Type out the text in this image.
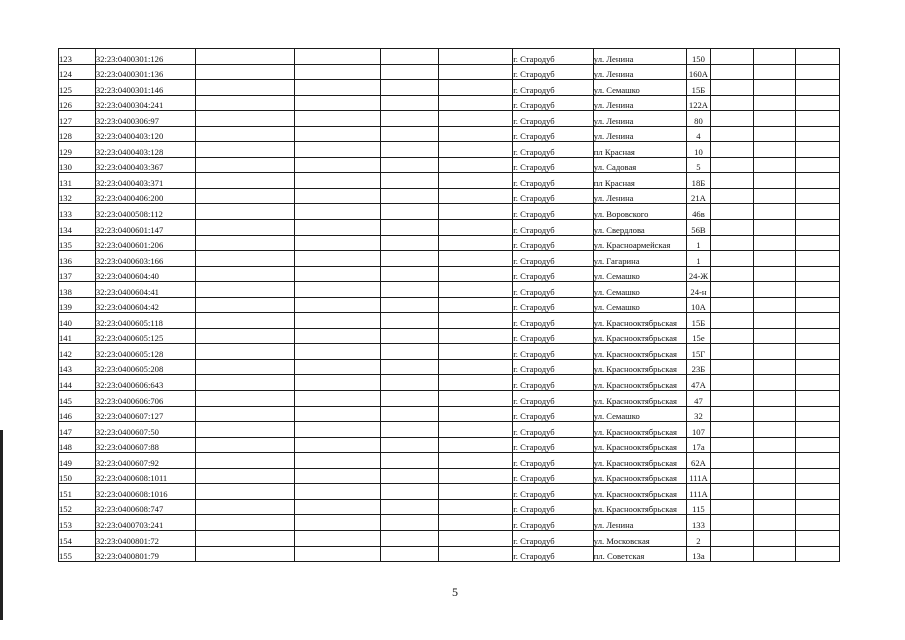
123	32:23:0400301:126					г. Стародуб	ул. Ленина	150			
124	32:23:0400301:136					г. Стародуб	ул. Ленина	160А			
125	32:23:0400301:146					г. Стародуб	ул. Семашко	15Б			
126	32:23:0400304:241					г. Стародуб	ул. Ленина	122А			
127	32:23:0400306:97					г. Стародуб	ул. Ленина	80			
128	32:23:0400403:120					г. Стародуб	ул. Ленина	4			
129	32:23:0400403:128					г. Стародуб	пл Красная	10			
130	32:23:0400403:367					г. Стародуб	ул. Садовая	5			
131	32:23:0400403:371					г. Стародуб	пл Красная	18Б			
132	32:23:0400406:200					г. Стародуб	ул. Ленина	21А			
133	32:23:0400508:112					г. Стародуб	ул. Воровского	46в			
134	32:23:0400601:147					г. Стародуб	ул. Свердлова	56В			
135	32:23:0400601:206					г. Стародуб	ул. Красноармейская	1			
136	32:23:0400603:166					г. Стародуб	ул. Гагарина	1			
137	32:23:0400604:40					г. Стародуб	ул. Семашко	24-Ж			
138	32:23:0400604:41					г. Стародуб	ул. Семашко	24-н			
139	32:23:0400604:42					г. Стародуб	ул. Семашко	10А			
140	32:23:0400605:118					г. Стародуб	ул. Краснооктябрьская	15Б			
141	32:23:0400605:125					г. Стародуб	ул. Краснооктябрьская	15е			
142	32:23:0400605:128					г. Стародуб	ул. Краснооктябрьская	15Г			
143	32:23:0400605:208					г. Стародуб	ул. Краснооктябрьская	23Б			
144	32:23:0400606:643					г. Стародуб	ул. Краснооктябрьская	47А			
145	32:23:0400606:706					г. Стародуб	ул. Краснооктябрьская	47			
146	32:23:0400607:127					г. Стародуб	ул. Семашко	32			
147	32:23:0400607:50					г. Стародуб	ул. Краснооктябрьская	107			
148	32:23:0400607:88					г. Стародуб	ул. Краснооктябрьская	17а			
149	32:23:0400607:92					г. Стародуб	ул. Краснооктябрьская	62А			
150	32:23:0400608:1011					г. Стародуб	ул. Краснооктябрьская	111А			
151	32:23:0400608:1016					г. Стародуб	ул. Краснооктябрьская	111А			
152	32:23:0400608:747					г. Стародуб	ул. Краснооктябрьская	115			
153	32:23:0400703:241					г. Стародуб	ул. Ленина	133			
154	32:23:0400801:72					г. Стародуб	ул. Московская	2			
155	32:23:0400801:79					г. Стародуб	пл. Советская	13а			
5
